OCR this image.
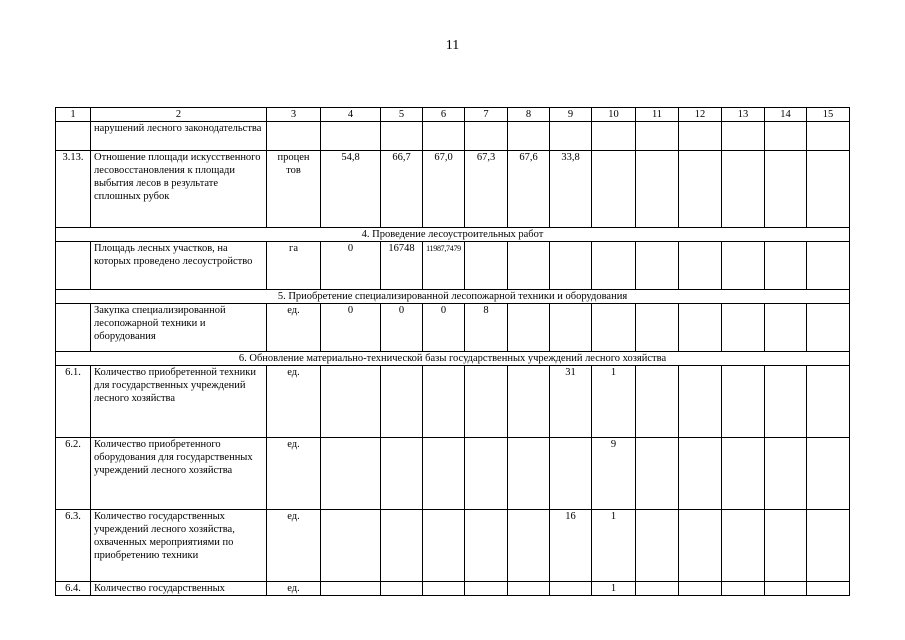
11
1	2	3	4	5	6	7	8	9	10	11	12	13	14	15
	нарушений лесного законодательства													
3.13.	Отношение площади искусственного лесовосстановления к площади выбытия лесов в результате сплошных рубок	процен тов	54,8	66,7	67,0	67,3	67,6	33,8						
4. Проведение лесоустроительных работ														
	Площадь лесных участков, на которых проведено лесоустройство	га	0	16748	11987,7479									
5. Приобретение специализированной лесопожарной техники и оборудования														
	Закупка специализированной лесопожарной техники и оборудования	ед.	0	0	0	8								
6. Обновление материально-технической базы государственных учреждений лесного хозяйства														
6.1.	Количество приобретенной техники для государственных учреждений лесного хозяйства	ед.						31	1					
6.2.	Количество приобретенного оборудования для государственных учреждений лесного хозяйства	ед.							9					
6.3.	Количество государственных учреждений лесного хозяйства, охваченных мероприятиями по приобретению техники	ед.						16	1					
6.4.	Количество государственных	ед.							1					
